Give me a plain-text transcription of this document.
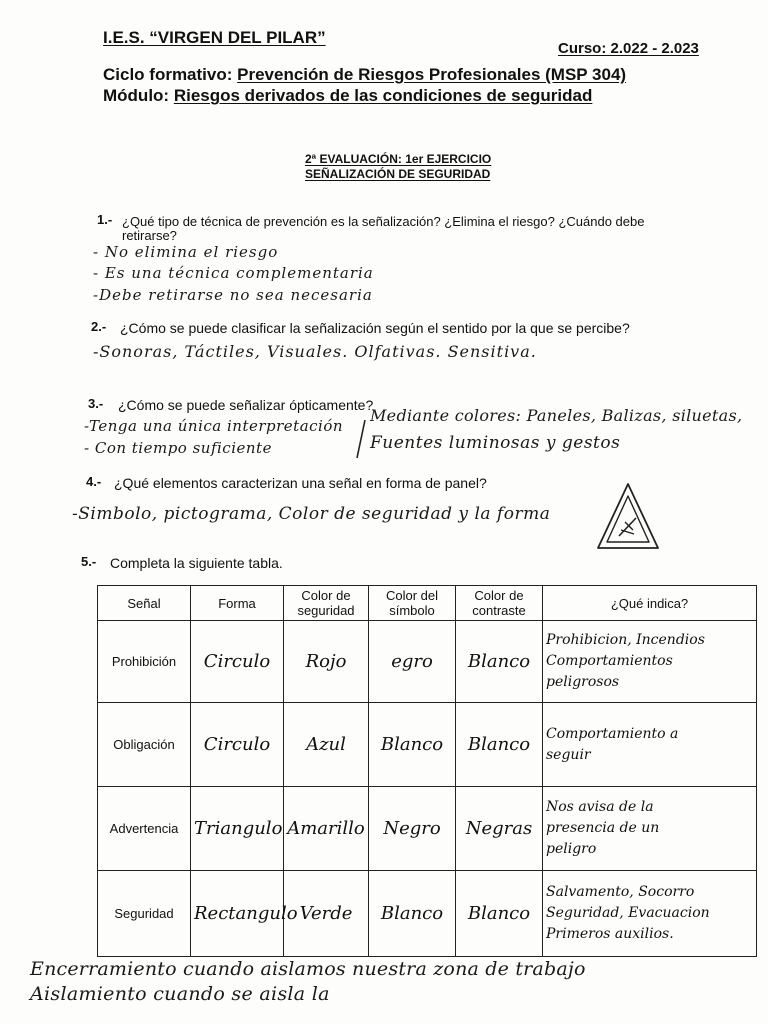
I.E.S. “VIRGEN DEL PILAR”
Curso: 2.022 - 2.023
Ciclo formativo: Prevención de Riesgos Profesionales (MSP 304)
Módulo: Riesgos derivados de las condiciones de seguridad
2ª EVALUACIÓN: 1er EJERCICIO
SEÑALIZACIÓN DE SEGURIDAD
1.- ¿Qué tipo de técnica de prevención es la señalización? ¿Elimina el riesgo? ¿Cuándo debe
retirarse?
- No elimina el riesgo
- Es una técnica complementaria
-Debe retirarse no sea necesaria
2.- ¿Cómo se puede clasificar la señalización según el sentido por la que se percibe?
-Sonoras, Táctiles, Visuales. Olfativas. Sensitiva.
3.- ¿Cómo se puede señalizar ópticamente?
-Tenga una única interpretación
- Con tiempo suficiente
Mediante colores: Paneles, Balizas, siluetas,
Fuentes luminosas y gestos
4.- ¿Qué elementos caracterizan una señal en forma de panel?
-Simbolo, pictograma, Color de seguridad y la forma
5.- Completa la siguiente tabla.
Señal	Forma	Color de seguridad	Color del símbolo	Color de contraste	¿Qué indica?
Prohibición	Circulo	Rojo	egro	Blanco	Prohibicion, Incendios
Comportamientos
peligrosos

Obligación	Circulo	Azul	Blanco	Blanco	Comportamiento a
seguir

Advertencia	Triangulo	Amarillo	Negro	Negras	Nos avisa de la
presencia de un
peligro

Seguridad	Rectangulo	Verde	Blanco	Blanco	Salvamento, Socorro
Seguridad, Evacuacion
Primeros auxilios.
Encerramiento cuando aislamos nuestra zona de trabajo
Aislamiento cuando se aisla la
